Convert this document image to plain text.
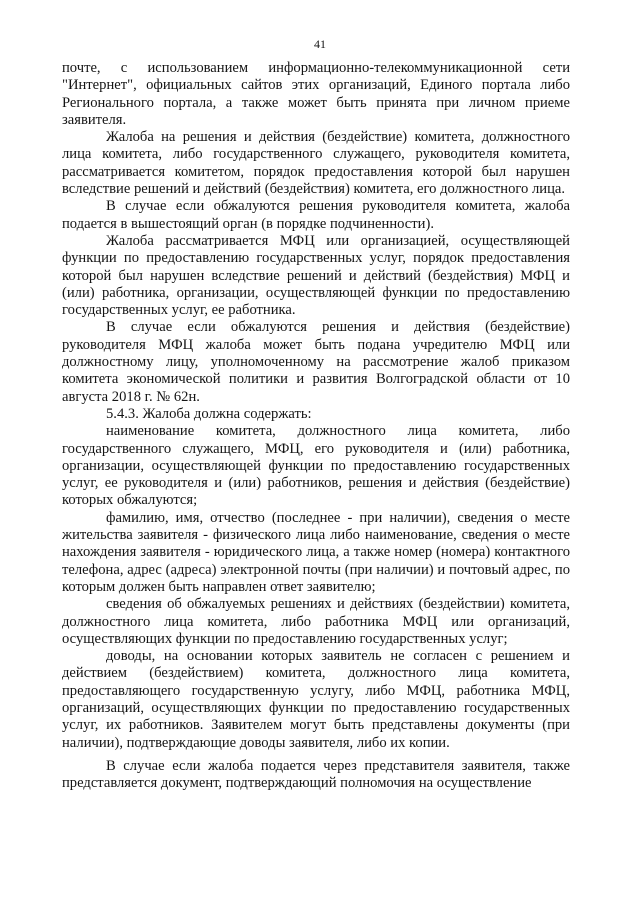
41

почте, с использованием информационно-телекоммуникационной сети "Интернет", официальных сайтов этих организаций, Единого портала либо Регионального портала, а также может быть принята при личном приеме заявителя.

Жалоба на решения и действия (бездействие) комитета, должностного лица комитета, либо государственного служащего, руководителя комитета, рассматривается комитетом, порядок предоставления которой был нарушен вследствие решений и действий (бездействия) комитета, его должностного лица.

В случае если обжалуются решения руководителя комитета, жалоба подается в вышестоящий орган (в порядке подчиненности).

Жалоба рассматривается МФЦ или организацией, осуществляющей функции по предоставлению государственных услуг, порядок предоставления которой был нарушен вследствие решений и действий (бездействия) МФЦ и (или) работника, организации, осуществляющей функции по предоставлению государственных услуг, ее работника.

В случае если обжалуются решения и действия (бездействие) руководителя МФЦ жалоба может быть подана учредителю МФЦ или должностному лицу, уполномоченному на рассмотрение жалоб приказом комитета экономической политики и развития Волгоградской области от 10 августа 2018 г. № 62н.

5.4.3. Жалоба должна содержать:

наименование комитета, должностного лица комитета, либо государственного служащего, МФЦ, его руководителя и (или) работника, организации, осуществляющей функции по предоставлению государственных услуг, ее руководителя и (или) работников, решения и действия (бездействие) которых обжалуются;

фамилию, имя, отчество (последнее - при наличии), сведения о месте жительства заявителя - физического лица либо наименование, сведения о месте нахождения заявителя - юридического лица, а также номер (номера) контактного телефона, адрес (адреса) электронной почты (при наличии) и почтовый адрес, по которым должен быть направлен ответ заявителю;

сведения об обжалуемых решениях и действиях (бездействии) комитета, должностного лица комитета, либо работника МФЦ или организаций, осуществляющих функции по предоставлению государственных услуг;

доводы, на основании которых заявитель не согласен с решением и действием (бездействием) комитета, должностного лица комитета, предоставляющего государственную услугу, либо МФЦ, работника МФЦ, организаций, осуществляющих функции по предоставлению государственных услуг, их работников. Заявителем могут быть представлены документы (при наличии), подтверждающие доводы заявителя, либо их копии.

В случае если жалоба подается через представителя заявителя, также представляется документ, подтверждающий полномочия на осуществление
